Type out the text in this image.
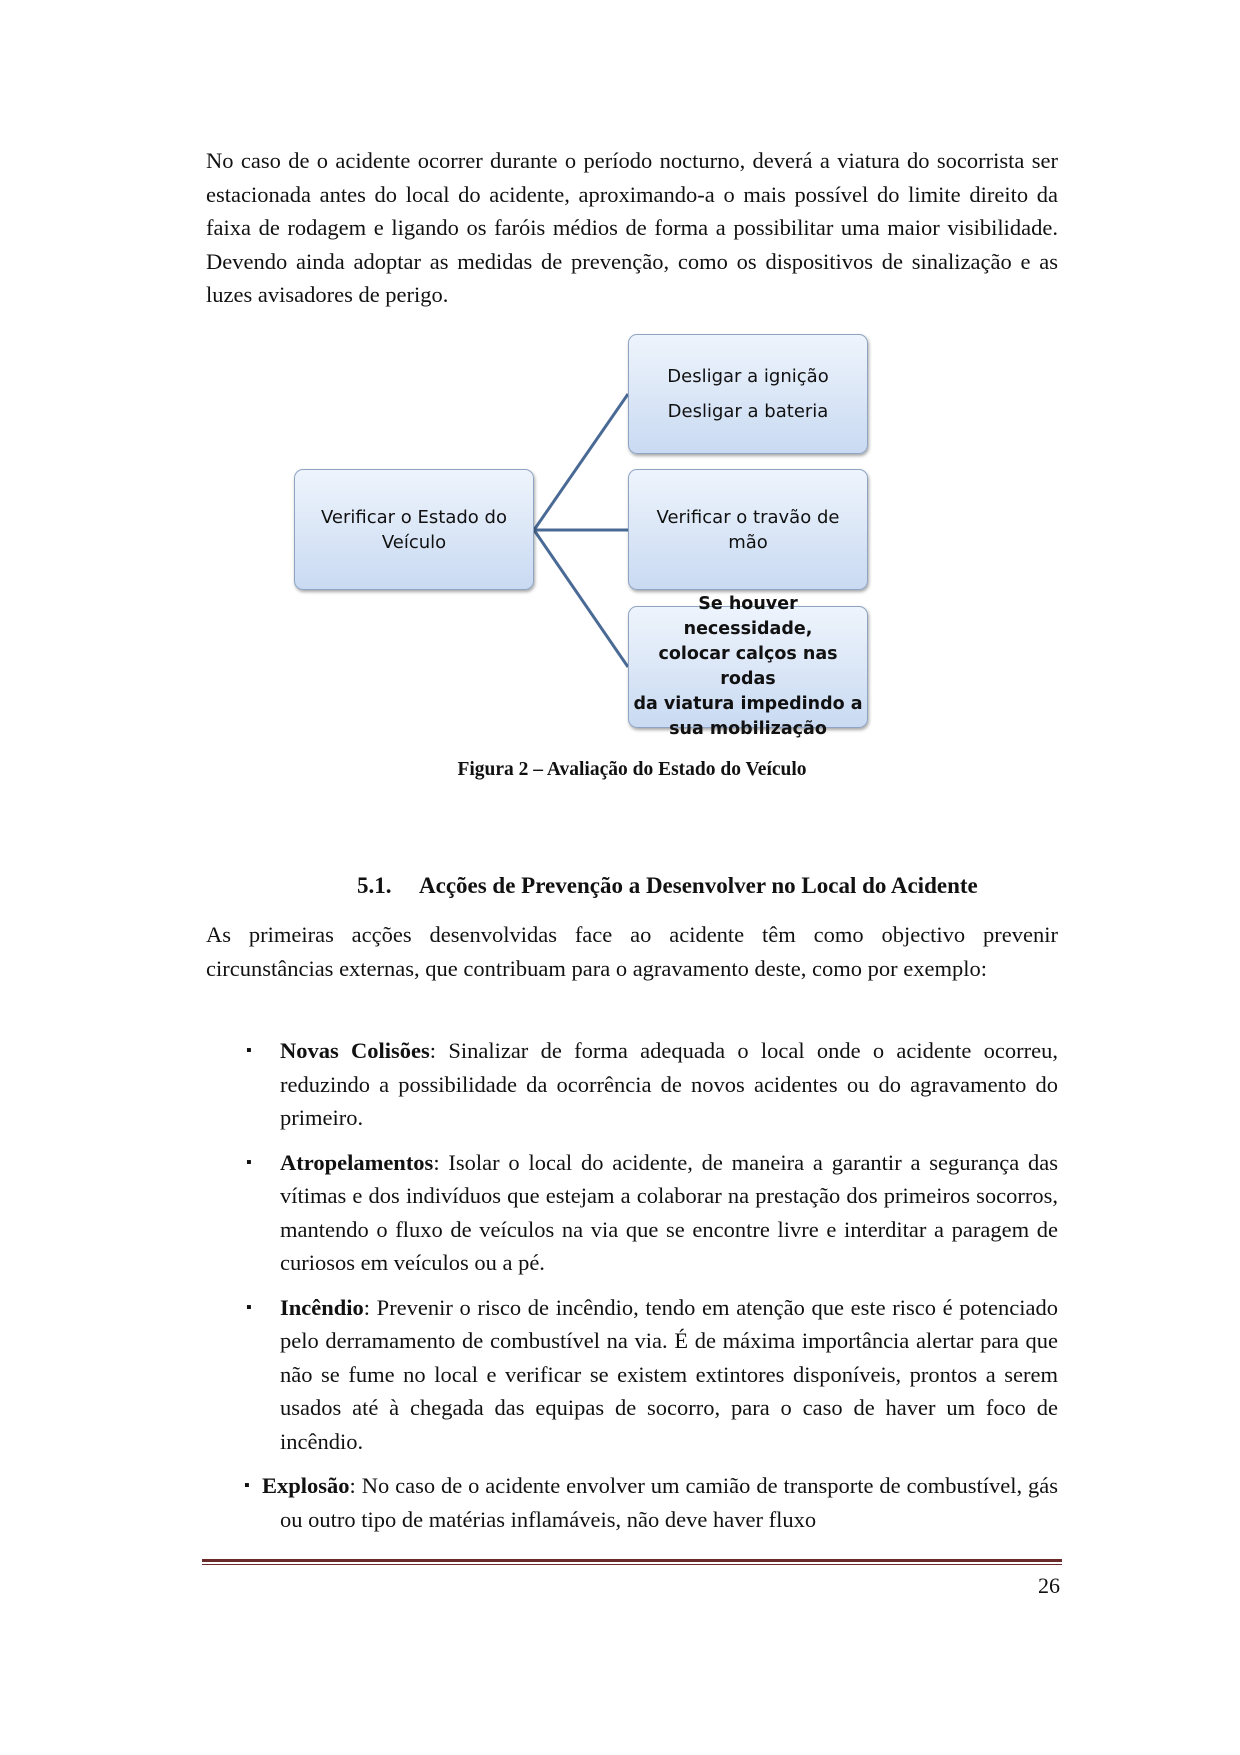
No caso de o acidente ocorrer durante o período nocturno, deverá a viatura do socorrista ser estacionada antes do local do acidente, aproximando-a o mais possível do limite direito da faixa de rodagem e ligando os faróis médios de forma a possibilitar uma maior visibilidade. Devendo ainda adoptar as medidas de prevenção, como os dispositivos de sinalização e as luzes avisadores de perigo.
Verificar o Estado do
Veículo
Desligar a ignição
Desligar a bateria
Verificar o travão de
mão
Se houver necessidade,
colocar calços nas rodas
da viatura impedindo a
sua mobilização
Figura 2 – Avaliação do Estado do Veículo
5.1. Acções de Prevenção a Desenvolver no Local do Acidente
As primeiras acções desenvolvidas face ao acidente têm como objectivo prevenir circunstâncias externas, que contribuam para o agravamento deste, como por exemplo:
▪ Novas Colisões: Sinalizar de forma adequada o local onde o acidente ocorreu, reduzindo a possibilidade da ocorrência de novos acidentes ou do agravamento do primeiro.
▪ Atropelamentos: Isolar o local do acidente, de maneira a garantir a segurança das vítimas e dos indivíduos que estejam a colaborar na prestação dos primeiros socorros, mantendo o fluxo de veículos na via que se encontre livre e interditar a paragem de curiosos em veículos ou a pé.
▪ Incêndio: Prevenir o risco de incêndio, tendo em atenção que este risco é potenciado pelo derramamento de combustível na via. É de máxima importância alertar para que não se fume no local e verificar se existem extintores disponíveis, prontos a serem usados até à chegada das equipas de socorro, para o caso de haver um foco de incêndio.
▪ Explosão: No caso de o acidente envolver um camião de transporte de combustível, gás ou outro tipo de matérias inflamáveis, não deve haver fluxo
26
